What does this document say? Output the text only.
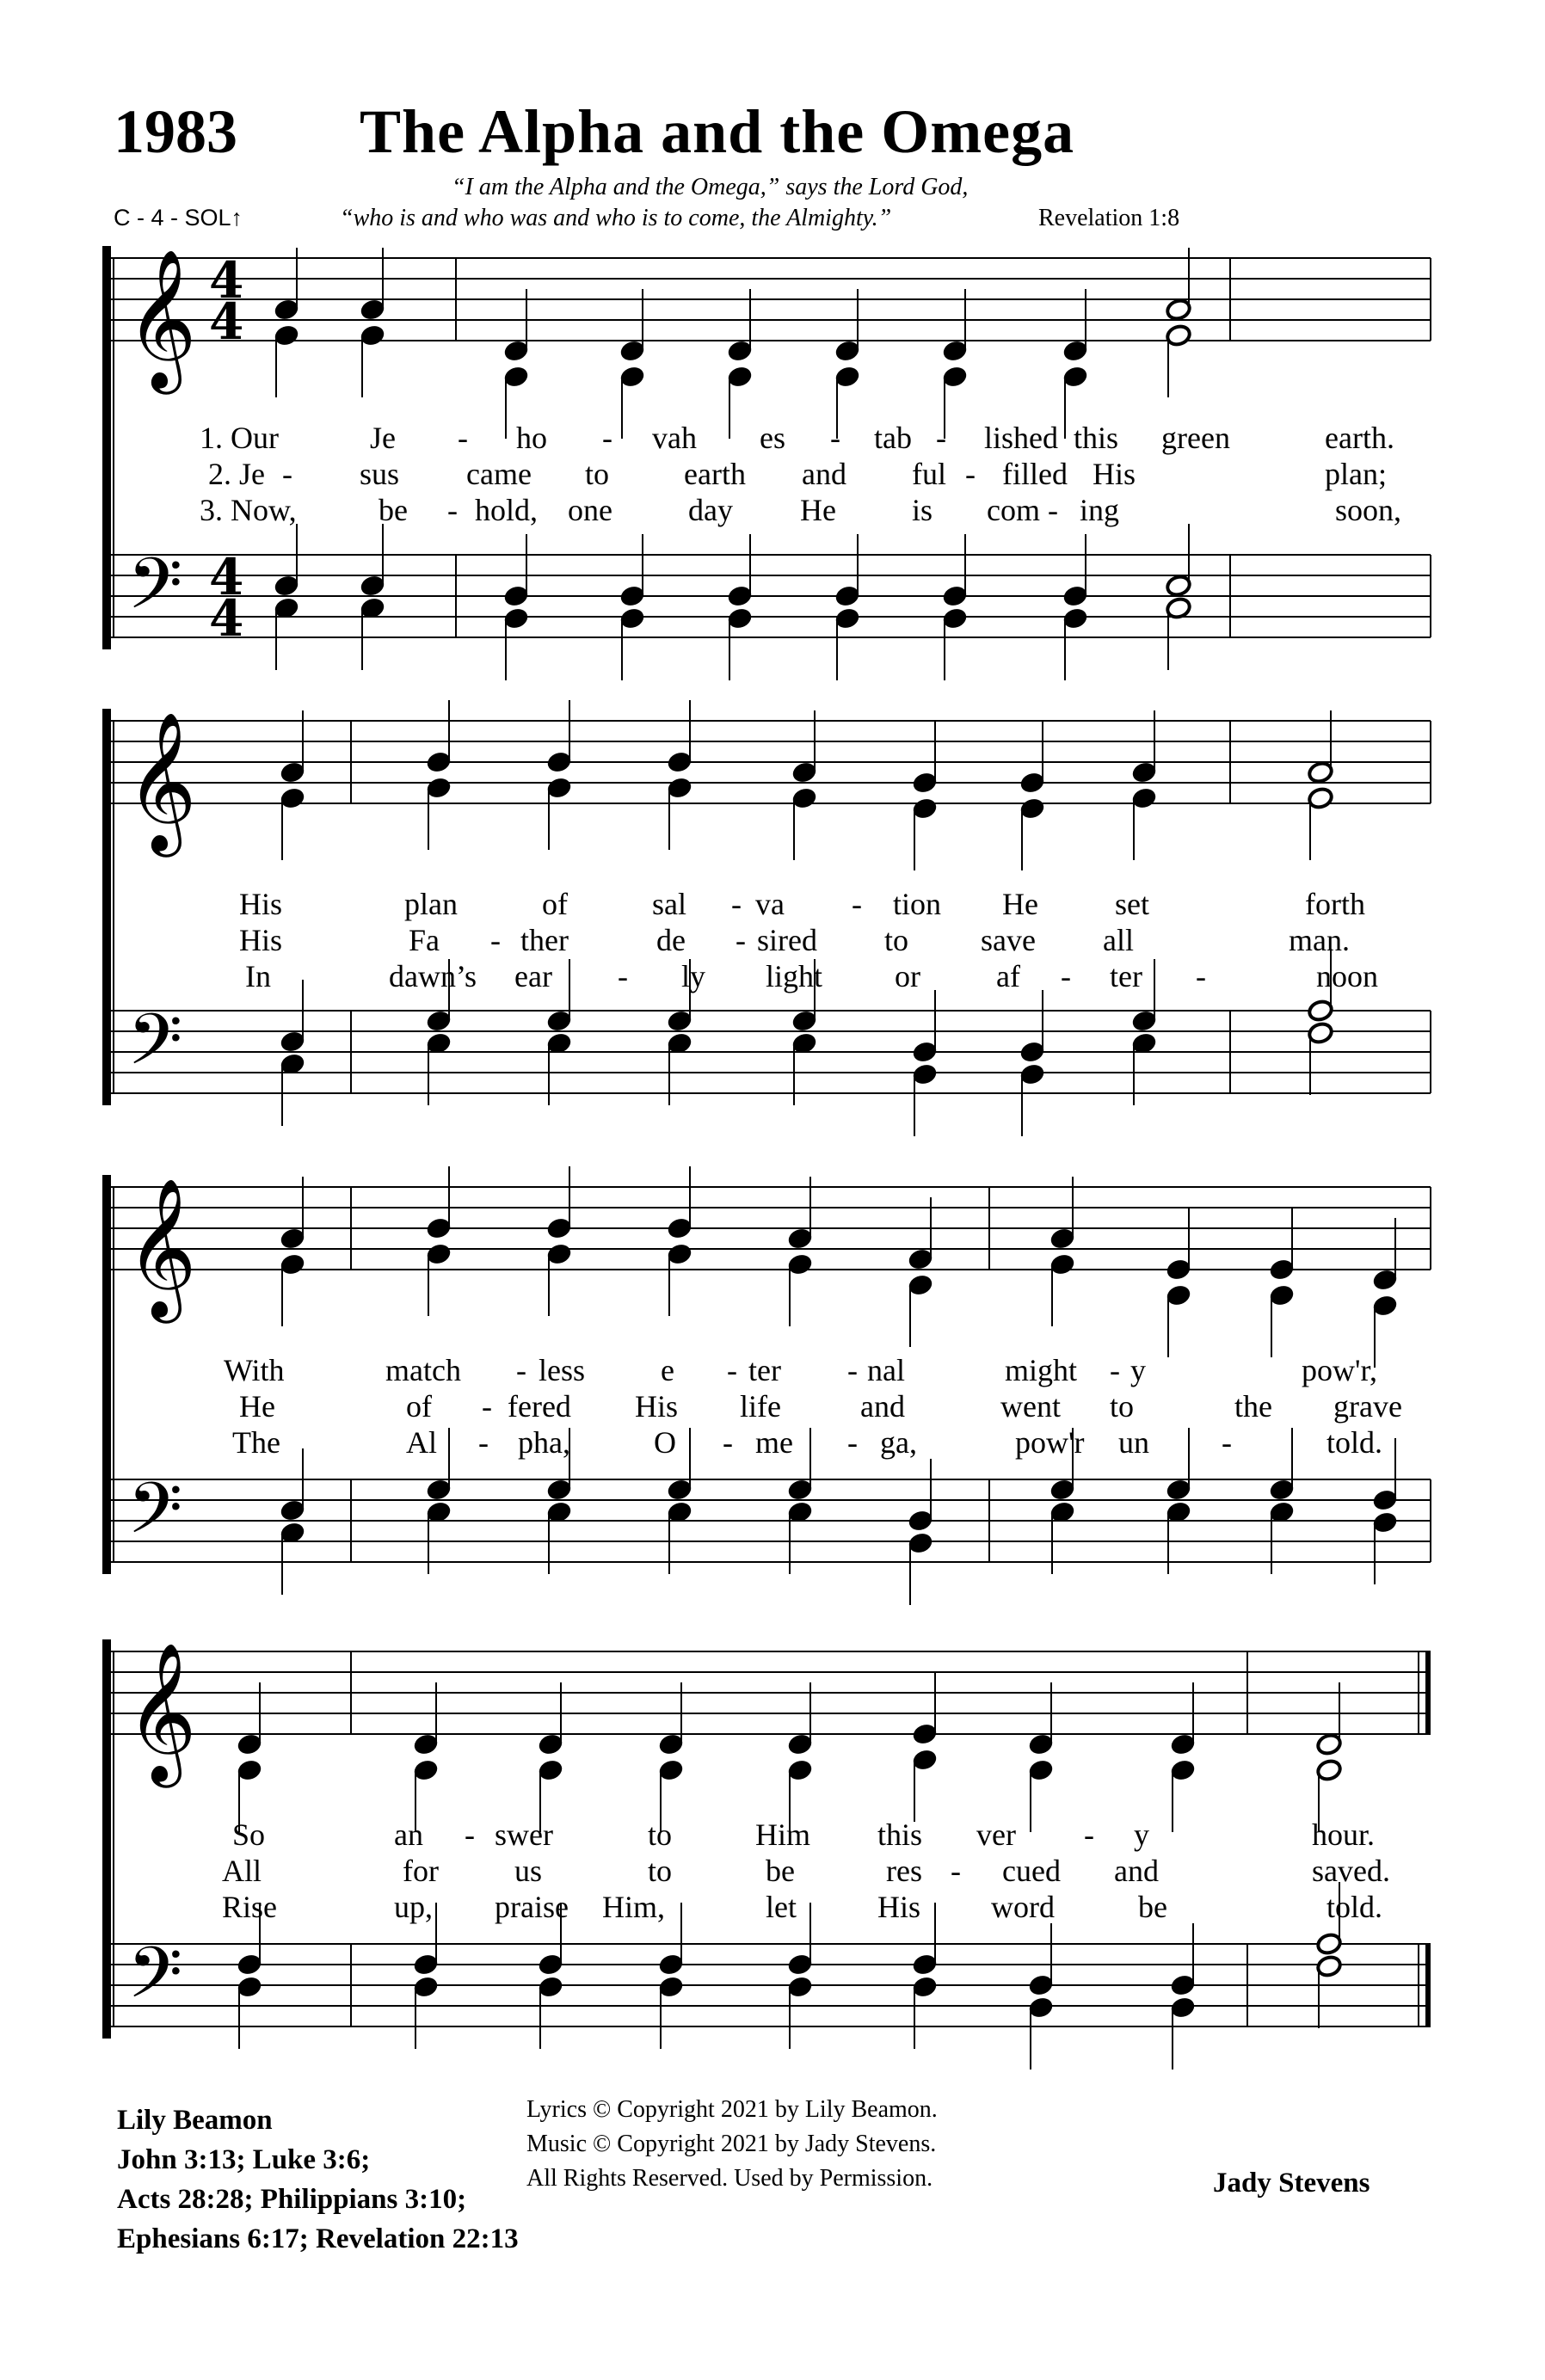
1983 The Alpha and the Omega
C - 4 - SOL↑
“I am the Alpha and the Omega,” says the Lord God,
“who is and who was and who is to come, the Almighty.”	Revelation 1:8
𝄞
𝄢
4
4
4
4
𝄞
𝄢
𝄞
𝄢
𝄞
𝄢
1. Our	Je - ho - vah es - tab - lished this green	earth.
2. Je - sus came to earth and ful - filled His	plan;
3. Now,	be - hold, one day He is com - ing	soon,
His	plan	of	sal - va - tion He set	forth
His	Fa - ther	de - sired to save all	man.
In	dawn’s ear - ly light or af - ter -	noon
With	match - less e - ter - nal	might - y	pow'r,
He	of - fered His life	and	went to	the grave
The	Al - pha,	O - me - ga,	pow'r un -	told.
So	an - swer	to	Him this ver - y	hour.
All	for us	to	be	res - cued and	saved.
Rise	up, praise Him,	let	His word	be	told.
Lily Beamon
John 3:13; Luke 3:6;
Acts 28:28; Philippians 3:10;
Ephesians 6:17; Revelation 22:13
Lyrics © Copyright 2021 by Lily Beamon.
Music © Copyright 2021 by Jady Stevens.
All Rights Reserved. Used by Permission.	Jady Stevens
